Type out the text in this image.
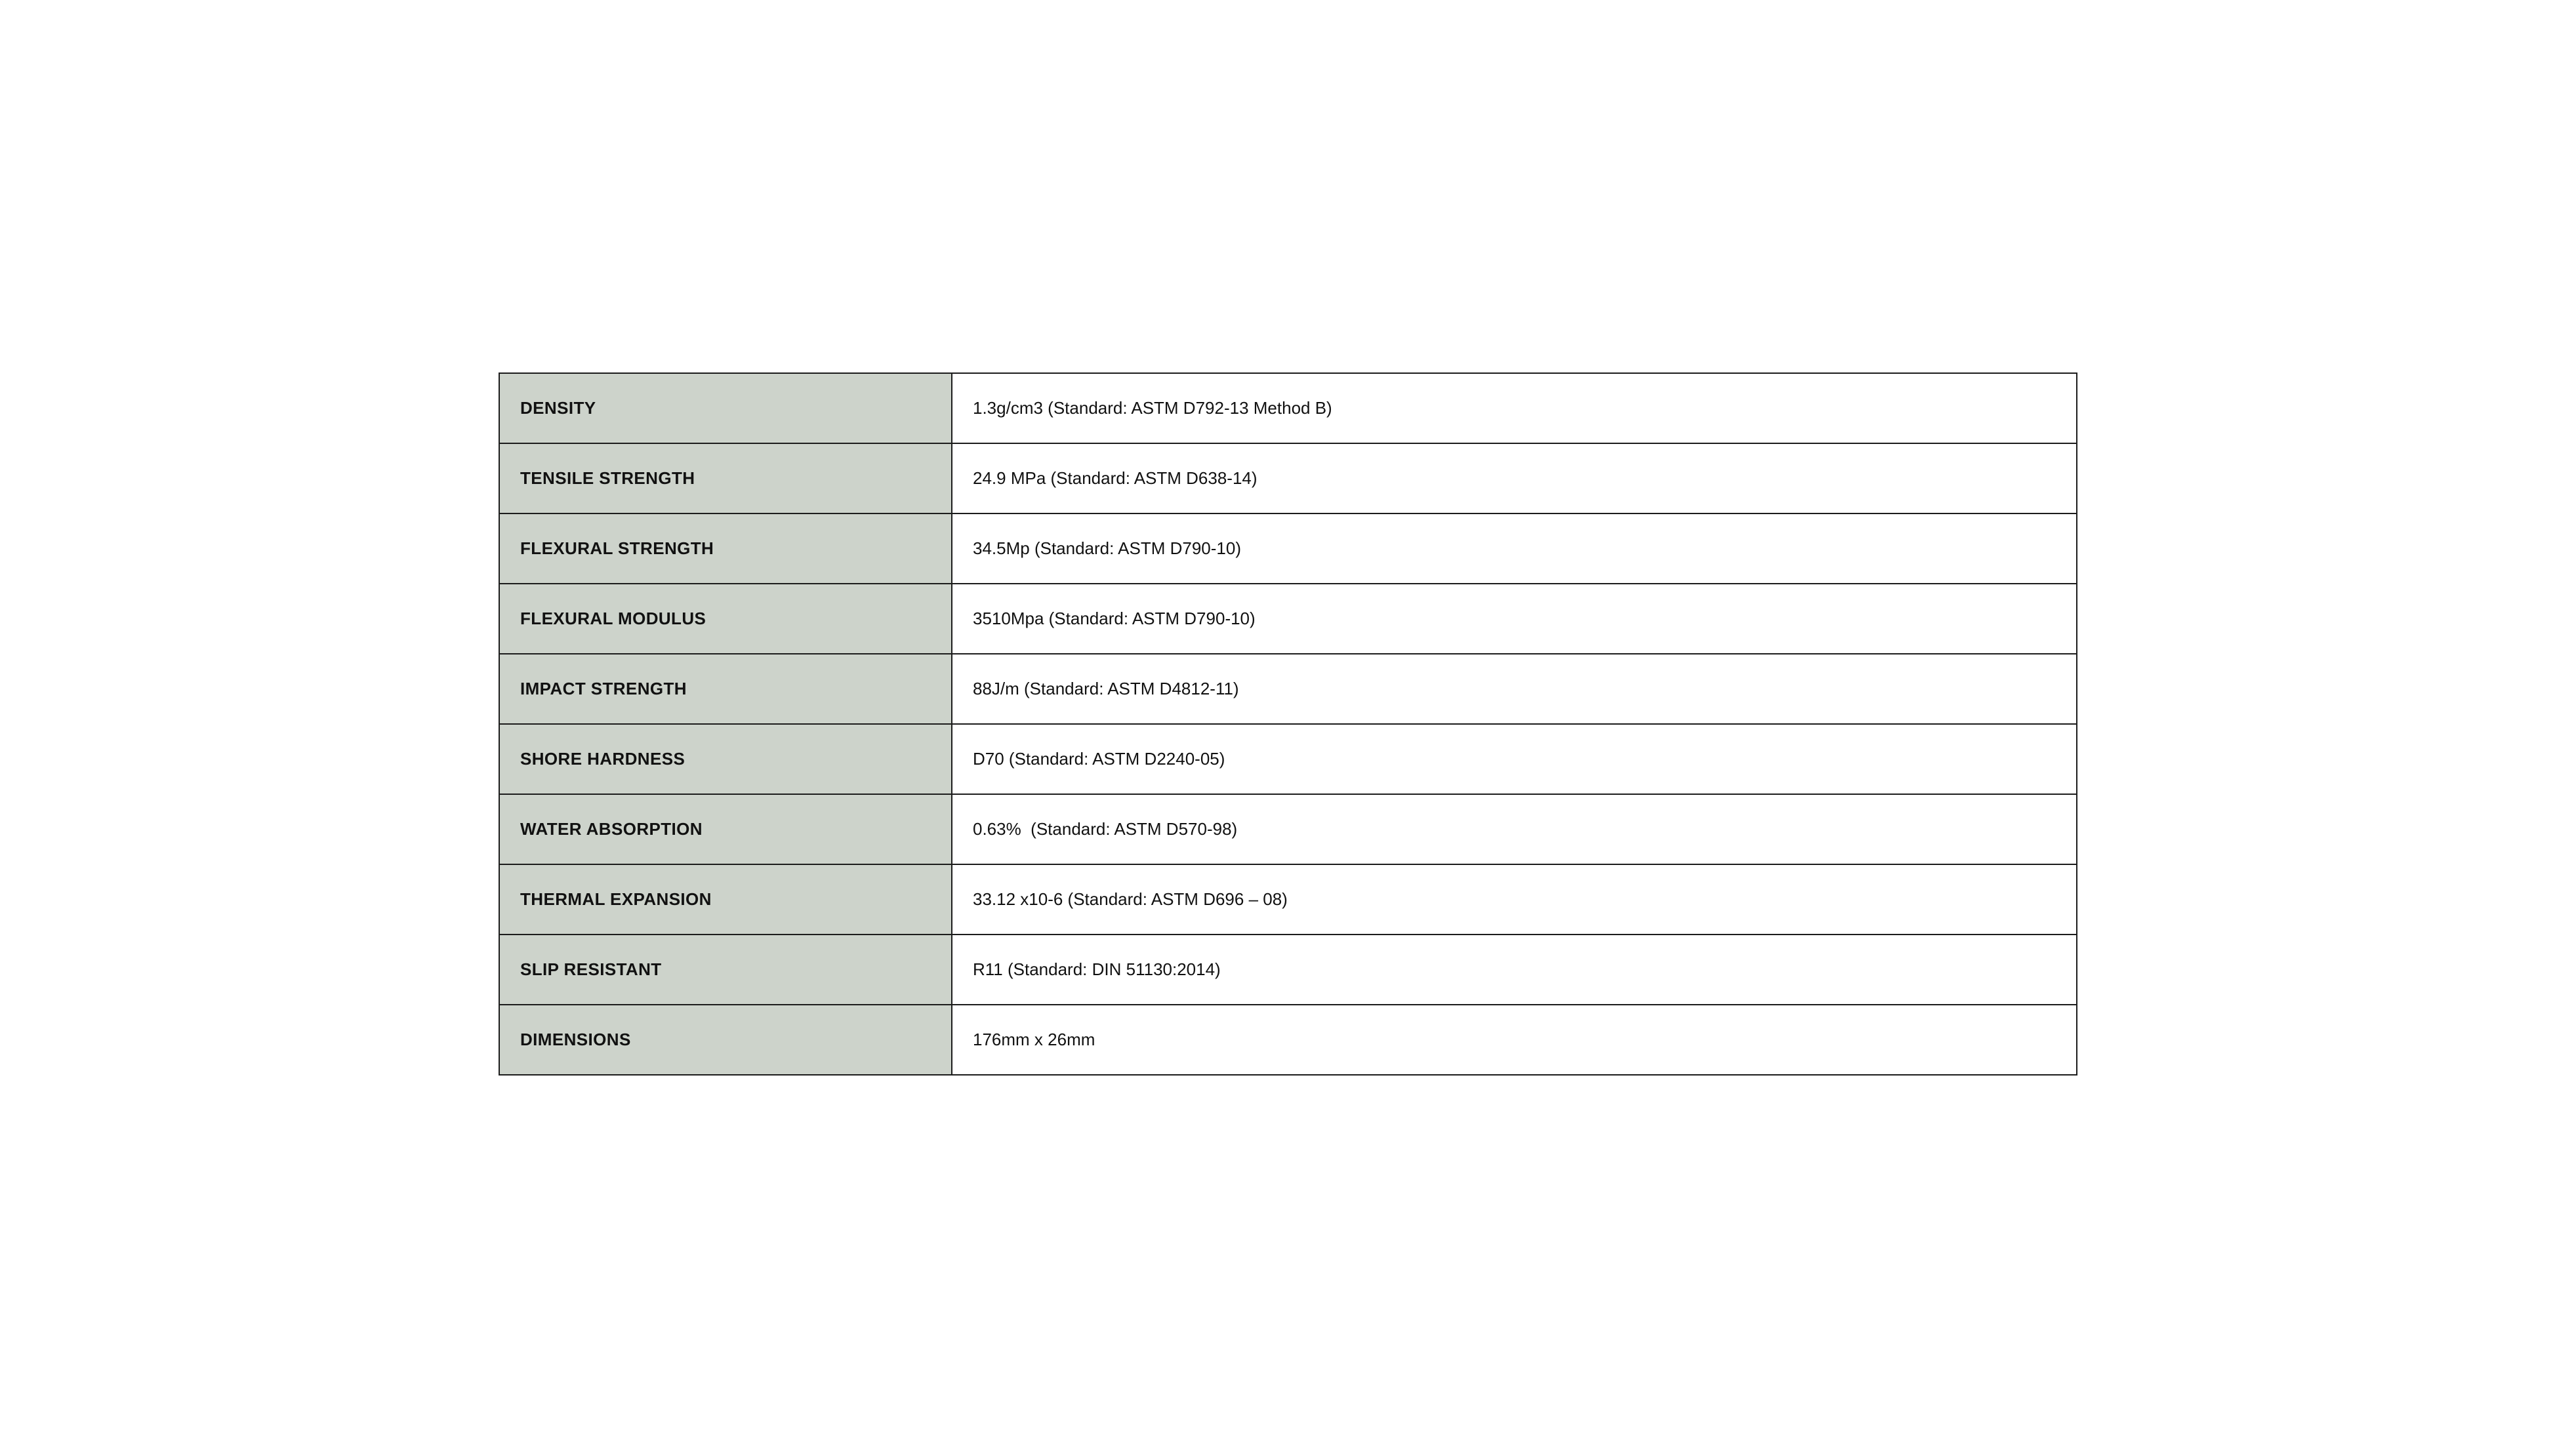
DENSITY	1.3g/cm3 (Standard: ASTM D792-13 Method B)
TENSILE STRENGTH	24.9 MPa (Standard: ASTM D638-14)
FLEXURAL STRENGTH	34.5Mp (Standard: ASTM D790-10)
FLEXURAL MODULUS	3510Mpa (Standard: ASTM D790-10)
IMPACT STRENGTH	88J/m (Standard: ASTM D4812-11)
SHORE HARDNESS	D70 (Standard: ASTM D2240-05)
WATER ABSORPTION	0.63%  (Standard: ASTM D570-98)
THERMAL EXPANSION	33.12 x10-6 (Standard: ASTM D696 – 08)
SLIP RESISTANT	R11 (Standard: DIN 51130:2014)
DIMENSIONS	176mm x 26mm
